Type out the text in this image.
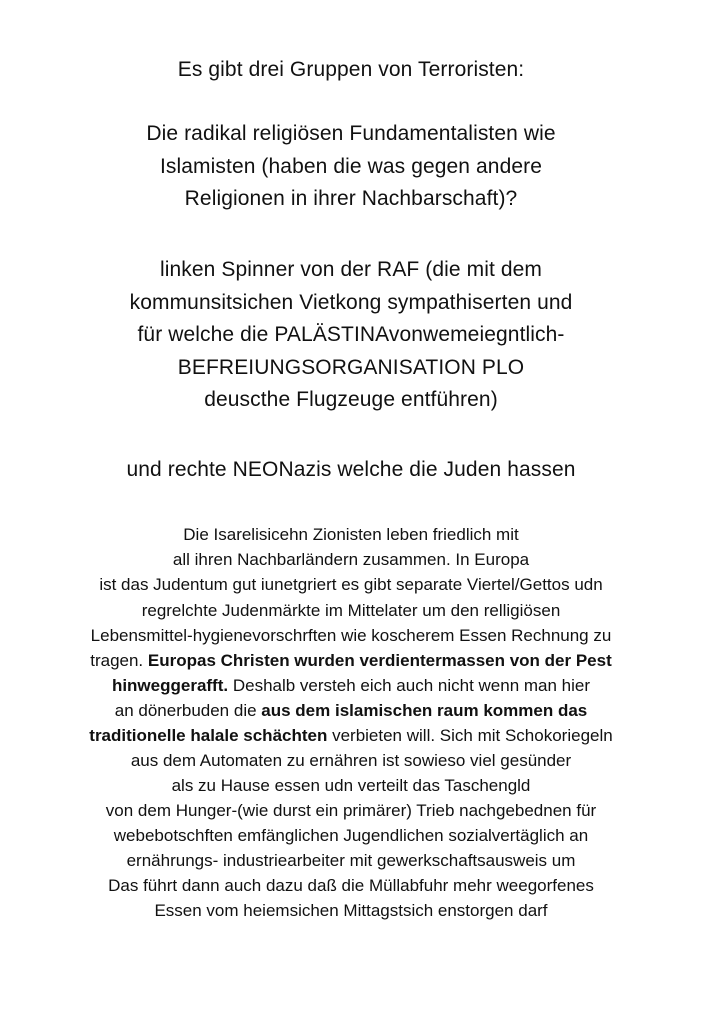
Es gibt drei Gruppen von Terroristen:

Die radikal religiösen Fundamentalisten wie

Islamisten (haben die was gegen andere

Religionen in ihrer Nachbarschaft)?

linken Spinner von der RAF (die mit dem

kommunsitsichen Vietkong sympathiserten und

für welche die PALÄSTINAvonwemeiegntlich-

BEFREIUNGSORGANISATION PLO

deuscthe Flugzeuge entführen)

und rechte NEONazis welche die Juden hassen

Die Isarelisicehn Zionisten leben friedlich mit

all ihren Nachbarländern zusammen. In Europa

ist das Judentum gut iunetgriert es gibt separate Viertel/Gettos udn

regrelchte Judenmärkte im Mittelater um den relligiösen

Lebensmittel-hygienevorschrften wie koscherem Essen Rechnung zu

tragen. Europas Christen wurden verdientermassen von der Pest

hinweggerafft. Deshalb versteh eich auch nicht wenn man hier

an dönerbuden die aus dem islamischen raum kommen das

traditionelle halale schächten verbieten will. Sich mit Schokoriegeln

aus dem Automaten zu ernähren ist sowieso viel gesünder

als zu Hause essen udn verteilt das Taschengld

von dem Hunger-(wie durst ein primärer) Trieb nachgebednen für

webebotschften emfänglichen Jugendlichen sozialvertäglich an

ernährungs- industriearbeiter mit gewerkschaftsausweis um

Das führt dann auch dazu daß die Müllabfuhr mehr weegorfenes

Essen vom heiemsichen Mittagstsich enstorgen darf
